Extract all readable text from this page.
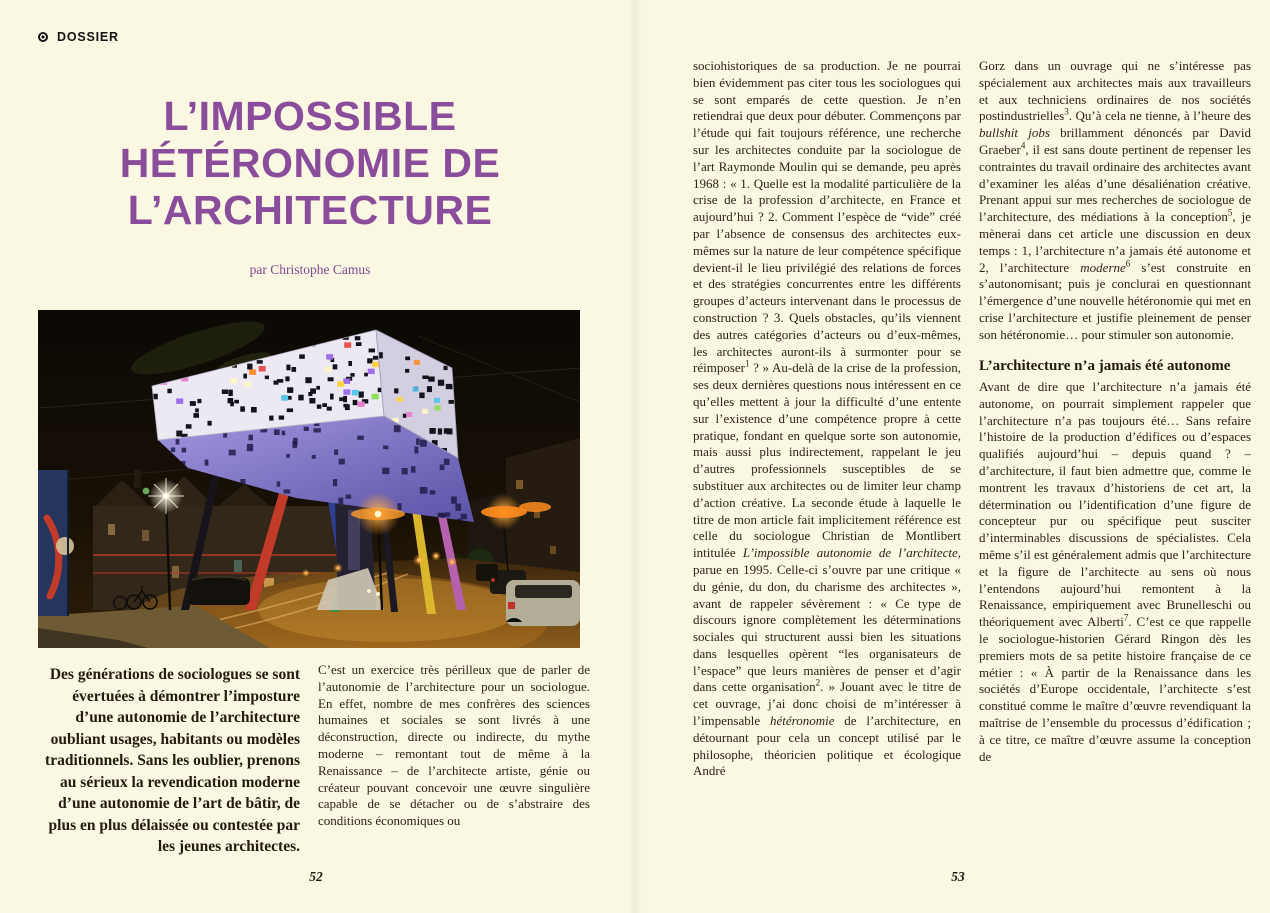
DOSSIER
L’IMPOSSIBLE
HÉTÉRONOMIE DE
L’ARCHITECTURE
par Christophe Camus
Des générations de sociologues se sont évertuées à démontrer l’imposture d’une autonomie de l’architecture oubliant usages, habitants ou modèles traditionnels. Sans les oublier, prenons au sérieux la revendication moderne d’une autonomie de l’art de bâtir, de plus en plus délaissée ou contestée par les jeunes architectes.

C’est un exercice très périlleux que de parler de l’autonomie de l’architecture pour un sociologue. En effet, nombre de mes confrères des sciences humaines et sociales se sont livrés à une déconstruction, directe ou indirecte, du mythe moderne – remontant tout de même à la Renaissance – de l’architecte artiste, génie ou créateur pouvant concevoir une œuvre singulière capable de se détacher ou de s’abstraire des conditions économiques ou

sociohistoriques de sa production. Je ne pourrai bien évidemment pas citer tous les sociologues qui se sont emparés de cette question. Je n’en retiendrai que deux pour débuter. Commençons par l’étude qui fait toujours référence, une recherche sur les architectes conduite par la sociologue de l’art Raymonde Moulin qui se demande, peu après 1968 : « 1. Quelle est la modalité particulière de la crise de la profession d’architecte, en France et aujourd’hui ? 2. Comment l’espèce de “vide” créé par l’absence de consensus des architectes eux-mêmes sur la nature de leur compétence spécifique devient-il le lieu privilégié des relations de forces et des stratégies concurrentes entre les différents groupes d’acteurs intervenant dans le processus de construction ? 3. Quels obstacles, qu’ils viennent des autres catégories d’acteurs ou d’eux-mêmes, les architectes auront-ils à surmonter pour se réimposer$^1$ ? » Au-delà de la crise de la profession, ses deux dernières questions nous intéressent en ce qu’elles mettent à jour la difficulté d’une entente sur l’existence d’une compétence propre à cette pratique, fondant en quelque sorte son autonomie, mais aussi plus indirectement, rappelant le jeu d’autres professionnels susceptibles de se substituer aux architectes ou de limiter leur champ d’action créative. La seconde étude à laquelle le titre de mon article fait implicitement référence est celle du sociologue Christian de Montlibert intitulée L’impossible autonomie de l’architecte, parue en 1995. Celle-ci s’ouvre par une critique « du génie, du don, du charisme des architectes », avant de rappeler sévèrement : « Ce type de discours ignore complètement les déterminations sociales qui structurent aussi bien les situations dans lesquelles opèrent “les organisateurs de l’espace” que leurs manières de penser et d’agir dans cette organisation$^2$. » Jouant avec le titre de cet ouvrage, j’ai donc choisi de m’intéresser à l’impensable hétéronomie de l’architecture, en détournant pour cela un concept utilisé par le philosophe, théoricien politique et écologique André

Gorz dans un ouvrage qui ne s’intéresse pas spécialement aux architectes mais aux travailleurs et aux techniciens ordinaires de nos sociétés postindustrielles$^3$. Qu’à cela ne tienne, à l’heure des bullshit jobs brillamment dénoncés par David Graeber$^4$, il est sans doute pertinent de repenser les contraintes du travail ordinaire des architectes avant d’examiner les aléas d’une désaliénation créative. Prenant appui sur mes recherches de sociologue de l’architecture, des médiations à la conception$^5$, je mènerai dans cet article une discussion en deux temps : 1, l’architecture n’a jamais été autonome et 2, l’architecture moderne$^6$ s’est construite en s’autonomisant; puis je conclurai en questionnant l’émergence d’une nouvelle hétéronomie qui met en crise l’architecture et justifie pleinement de penser son hétéronomie… pour stimuler son autonomie.

L’architecture n’a jamais été autonome

Avant de dire que l’architecture n’a jamais été autonome, on pourrait simplement rappeler que l’architecture n’a pas toujours été… Sans refaire l’histoire de la production d’édifices ou d’espaces qualifiés aujourd’hui – depuis quand ? – d’architecture, il faut bien admettre que, comme le montrent les travaux d’historiens de cet art, la détermination ou l’identification d’une figure de concepteur pur ou spécifique peut susciter d’interminables discussions de spécialistes. Cela même s’il est généralement admis que l’architecture et la figure de l’architecte au sens où nous l’entendons aujourd’hui remontent à la Renaissance, empiriquement avec Brunelleschi ou théoriquement avec Alberti$^7$. C’est ce que rappelle le sociologue-historien Gérard Ringon dès les premiers mots de sa petite histoire française de ce métier : « À partir de la Renaissance dans les sociétés d’Europe occidentale, l’architecte s’est constitué comme le maître d’œuvre revendiquant la maîtrise de l’ensemble du processus d’édification ; à ce titre, ce maître d’œuvre assume la conception de

52	53
